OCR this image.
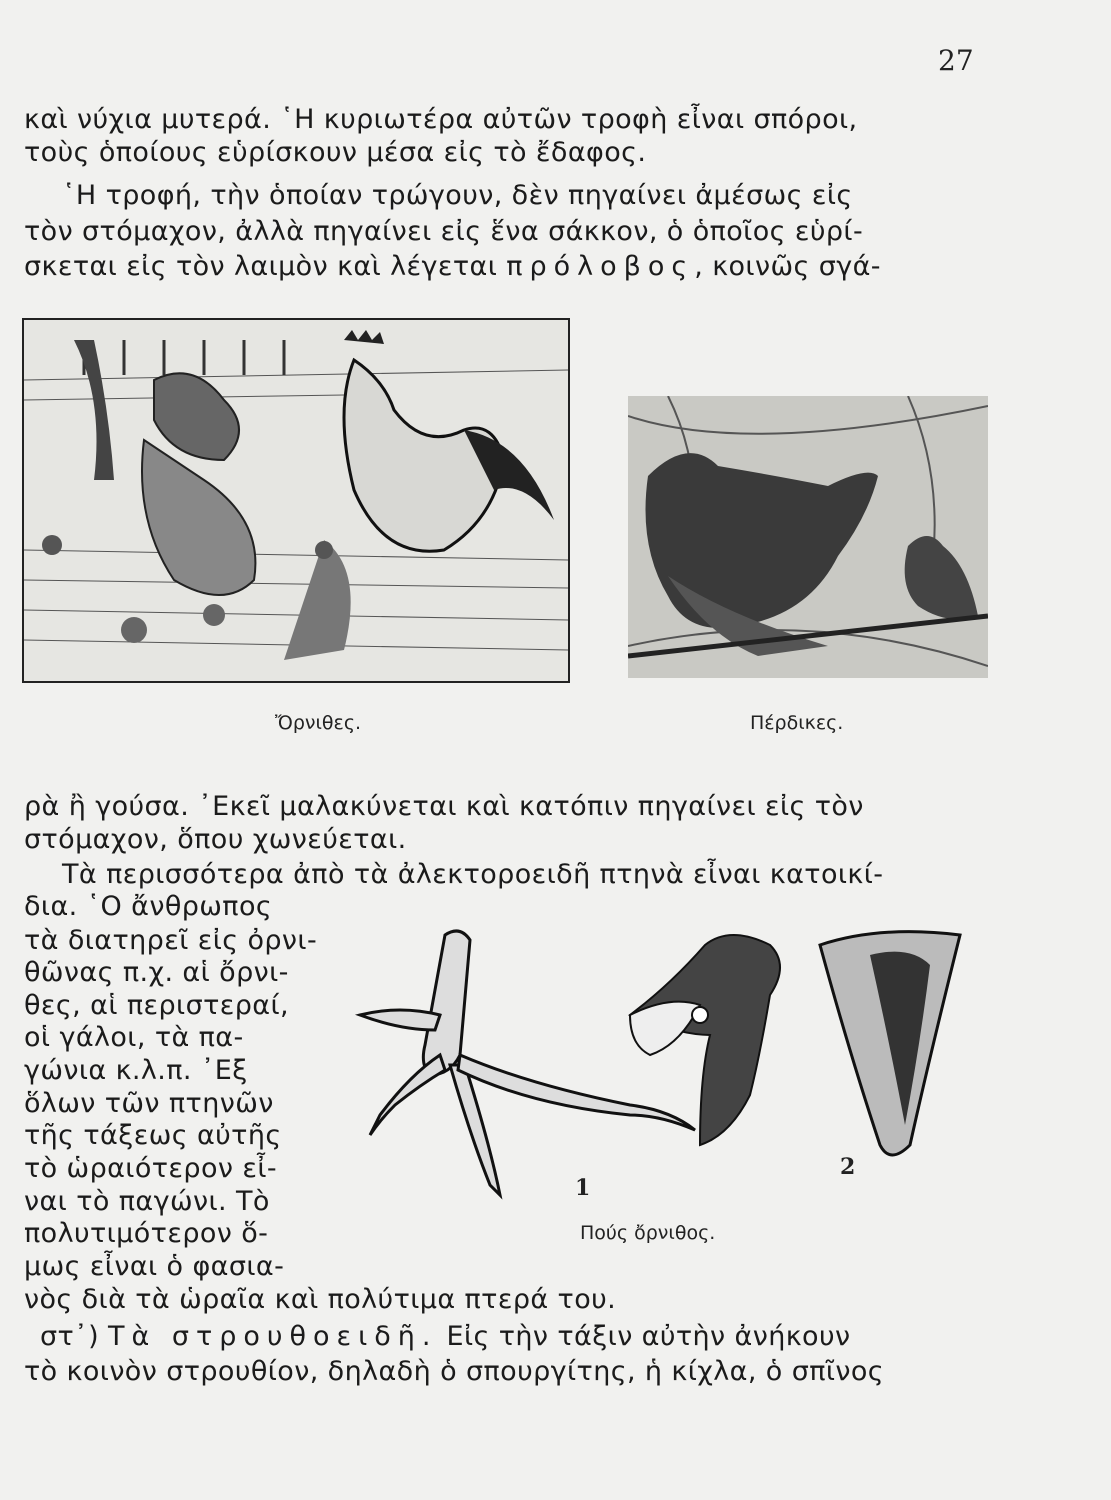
27
καὶ νύχια μυτερά. ῾Η κυριωτέρα αὐτῶν τροφὴ εἶναι σπόροι,
τοὺς ὁποίους εὑρίσκουν μέσα εἰς τὸ ἔδαφος.
῾Η τροφή, τὴν ὁποίαν τρώγουν, δὲν πηγαίνει ἀμέσως εἰς
τὸν στόμαχον, ἀλλὰ πηγαίνει εἰς ἕνα σάκκον, ὁ ὁποῖος εὑρί-
σκεται εἰς τὸν λαιμὸν καὶ λέγεται πρόλοβος, κοινῶς σγά-
Ὄρνιθες.	Πέρδικες.
ρὰ ἢ γούσα. ᾿Εκεῖ μαλακύνεται καὶ κατόπιν πηγαίνει εἰς τὸν
στόμαχον, ὅπου χωνεύεται.
Τὰ περισσότερα ἀπὸ τὰ ἀλεκτοροειδῆ πτηνὰ εἶναι κατοικί-
δια. ῾Ο ἄνθρωπος
τὰ διατηρεῖ εἰς ὀρνι-
θῶνας π.χ. αἱ ὄρνι-
θες, αἱ περιστεραί,
οἱ γάλοι, τὰ πα-
γώνια κ.λ.π. ᾿Εξ
ὅλων τῶν πτηνῶν
τῆς τάξεως αὐτῆς
τὸ ὡραιότερον εἶ-
ναι τὸ παγώνι. Τὸ
πολυτιμότερον ὅ-
μως εἶναι ὁ φασια-
νὸς διὰ τὰ ὡραῖα καὶ πολύτιμα πτερά του.
1
2
Πούς ὄρνιθος.
στ᾿) Τὰ στρουθοειδῆ. Εἰς τὴν τάξιν αὐτὴν ἀνήκουν
τὸ κοινὸν στρουθίον, δηλαδὴ ὁ σπουργίτης, ἡ κίχλα, ὁ σπῖνος
